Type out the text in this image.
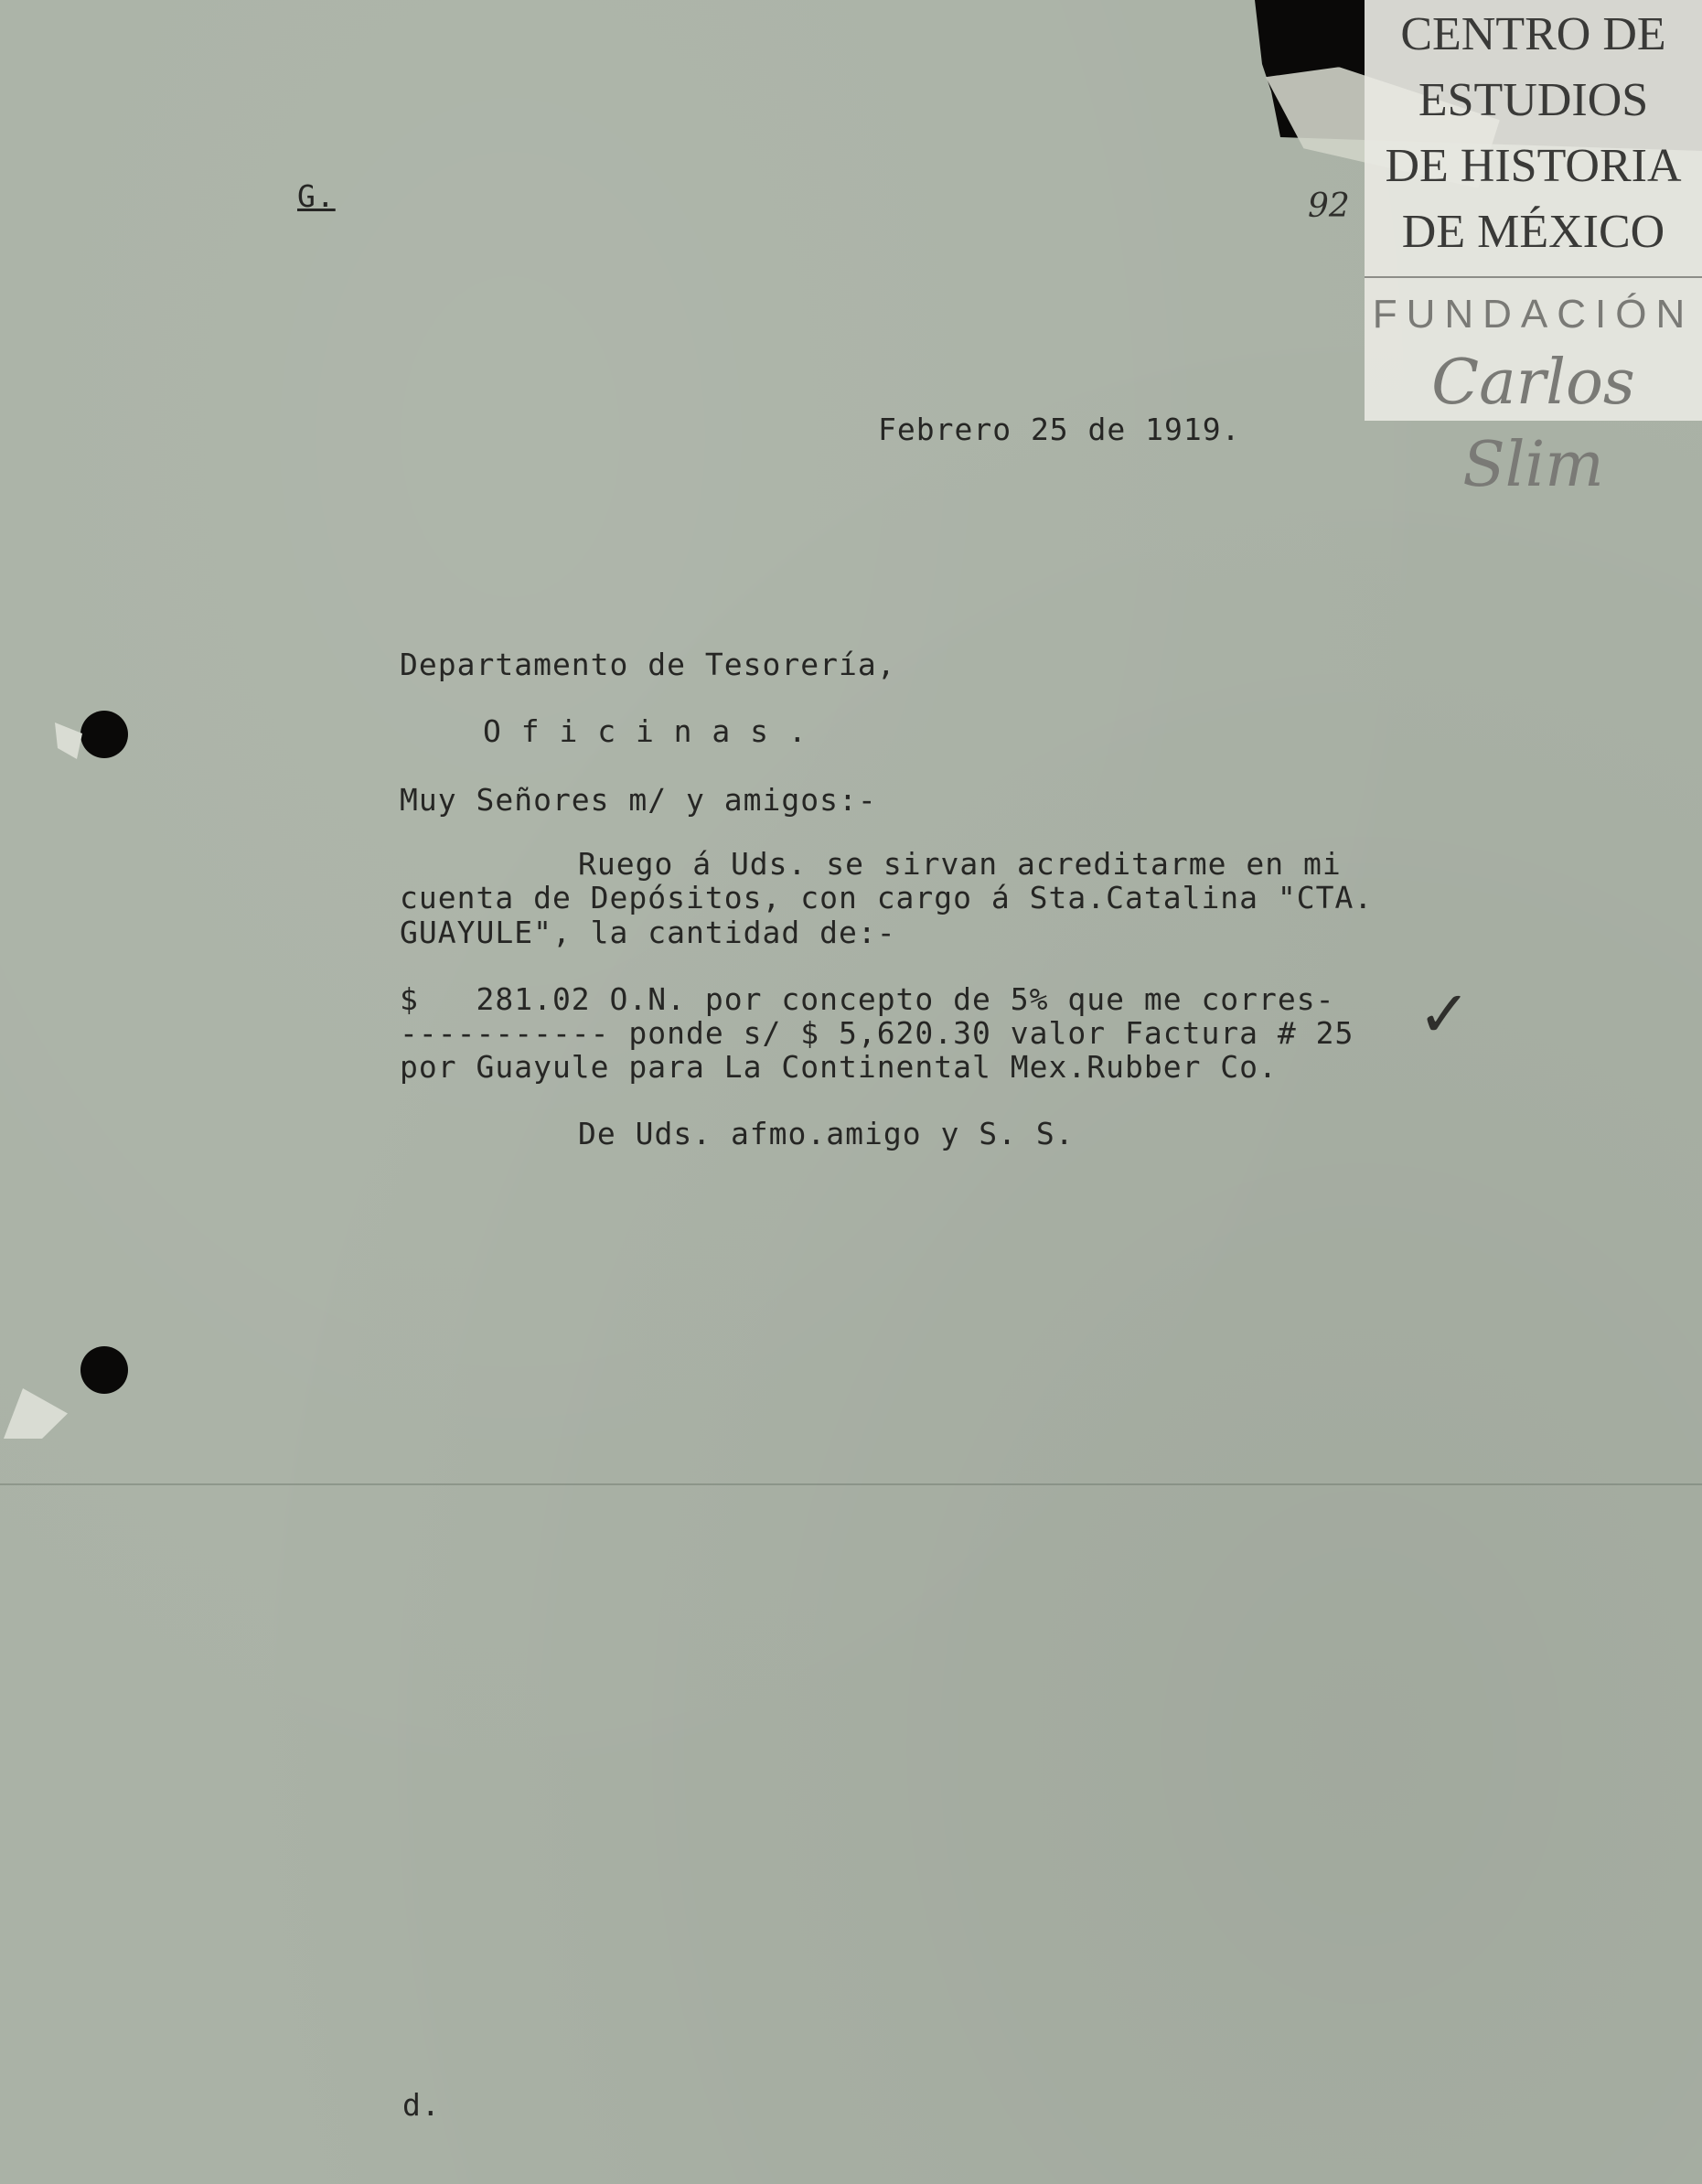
G.	92
Febrero 25 de 1919.
Departamento de Tesorería,
O f i c i n a s .
Muy Señores m/ y amigos:-
Ruego á Uds. se sirvan acreditarme en mi
cuenta de Depósitos, con cargo á Sta.Catalina "CTA.
GUAYULE", la cantidad de:-
$   281.02 O.N. por concepto de 5% que me corres-
----------- ponde s/ $ 5,620.30 valor Factura # 25
por Guayule para La Continental Mex.Rubber Co.
✓
De Uds. afmo.amigo y S. S.
d.
CENTRO DE
ESTUDIOS
DE HISTORIA
DE MÉXICO
FUNDACIÓN
Carlos Slim
